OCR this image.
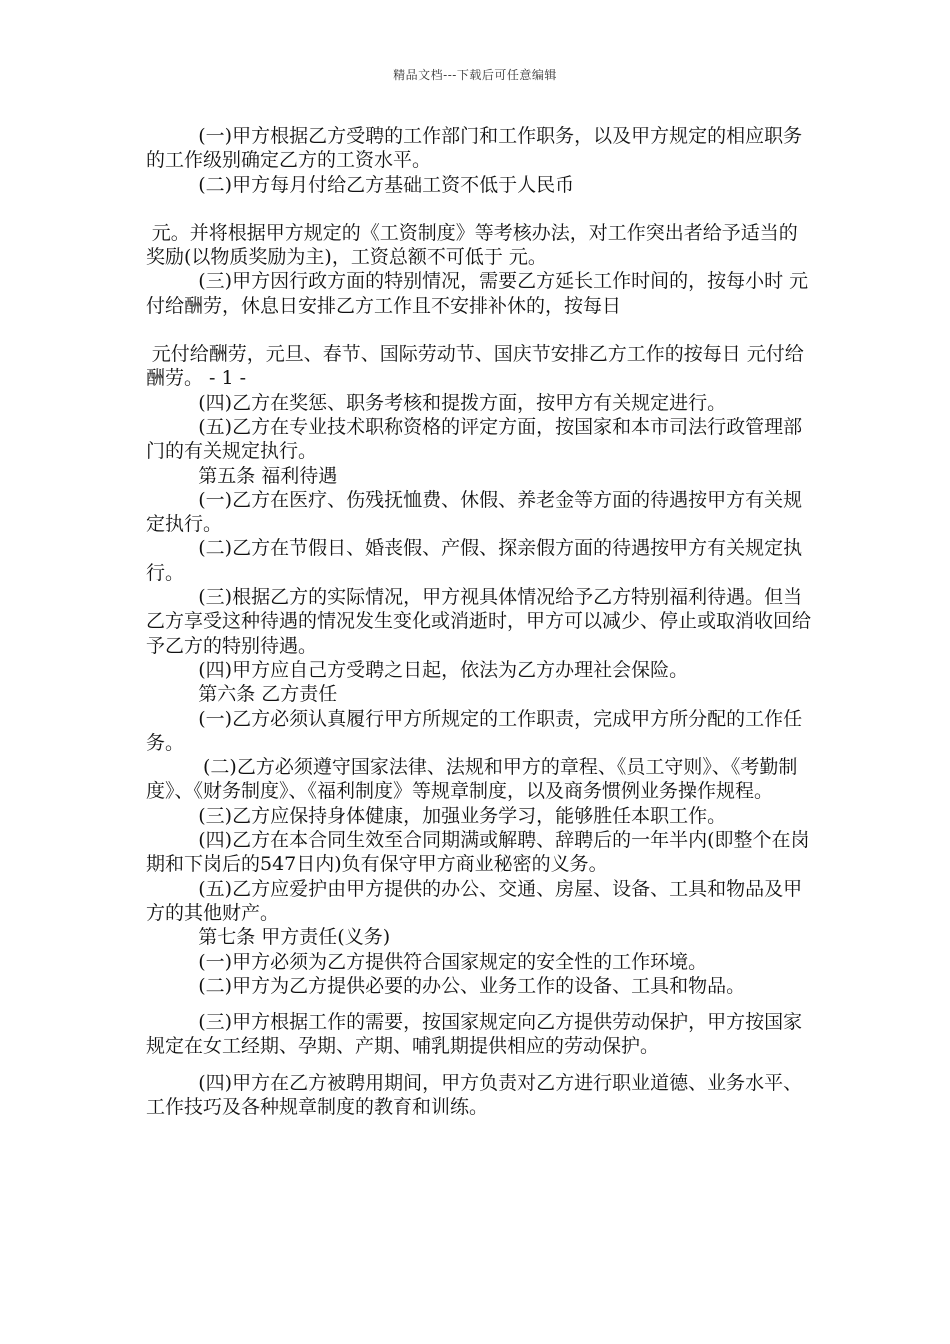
精品文档---下载后可任意编辑

(一)甲方根据乙方受聘的工作部门和工作职务，以及甲方规定的相应职务的工作级别确定乙方的工资水平。

(二)甲方每月付给乙方基础工资不低于人民币

元。并将根据甲方规定的《工资制度》等考核办法，对工作突出者给予适当的奖励(以物质奖励为主)，工资总额不可低于 元。

(三)甲方因行政方面的特别情况，需要乙方延长工作时间的，按每小时 元付给酬劳，休息日安排乙方工作且不安排补休的，按每日

元付给酬劳，元旦、春节、国际劳动节、国庆节安排乙方工作的按每日 元付给酬劳。 - 1 -

(四)乙方在奖惩、职务考核和提拨方面，按甲方有关规定进行。

(五)乙方在专业技术职称资格的评定方面，按国家和本市司法行政管理部门的有关规定执行。

第五条 福利待遇

(一)乙方在医疗、伤残抚恤费、休假、养老金等方面的待遇按甲方有关规定执行。

(二)乙方在节假日、婚丧假、产假、探亲假方面的待遇按甲方有关规定执行。

(三)根据乙方的实际情况，甲方视具体情况给予乙方特别福利待遇。但当乙方享受这种待遇的情况发生变化或消逝时，甲方可以减少、停止或取消收回给予乙方的特别待遇。

(四)甲方应自己方受聘之日起，依法为乙方办理社会保险。

第六条 乙方责任

(一)乙方必须认真履行甲方所规定的工作职责，完成甲方所分配的工作任务。

(二)乙方必须遵守国家法律、法规和甲方的章程、《员工守则》、《考勤制度》、《财务制度》、《福利制度》等规章制度，以及商务惯例业务操作规程。

(三)乙方应保持身体健康，加强业务学习，能够胜任本职工作。

(四)乙方在本合同生效至合同期满或解聘、辞聘后的一年半内(即整个在岗期和下岗后的547日内)负有保守甲方商业秘密的义务。

(五)乙方应爱护由甲方提供的办公、交通、房屋、设备、工具和物品及甲方的其他财产。

第七条 甲方责任(义务)

(一)甲方必须为乙方提供符合国家规定的安全性的工作环境。

(二)甲方为乙方提供必要的办公、业务工作的设备、工具和物品。

(三)甲方根据工作的需要，按国家规定向乙方提供劳动保护，甲方按国家规定在女工经期、孕期、产期、哺乳期提供相应的劳动保护。

(四)甲方在乙方被聘用期间，甲方负责对乙方进行职业道德、业务水平、工作技巧及各种规章制度的教育和训练。
